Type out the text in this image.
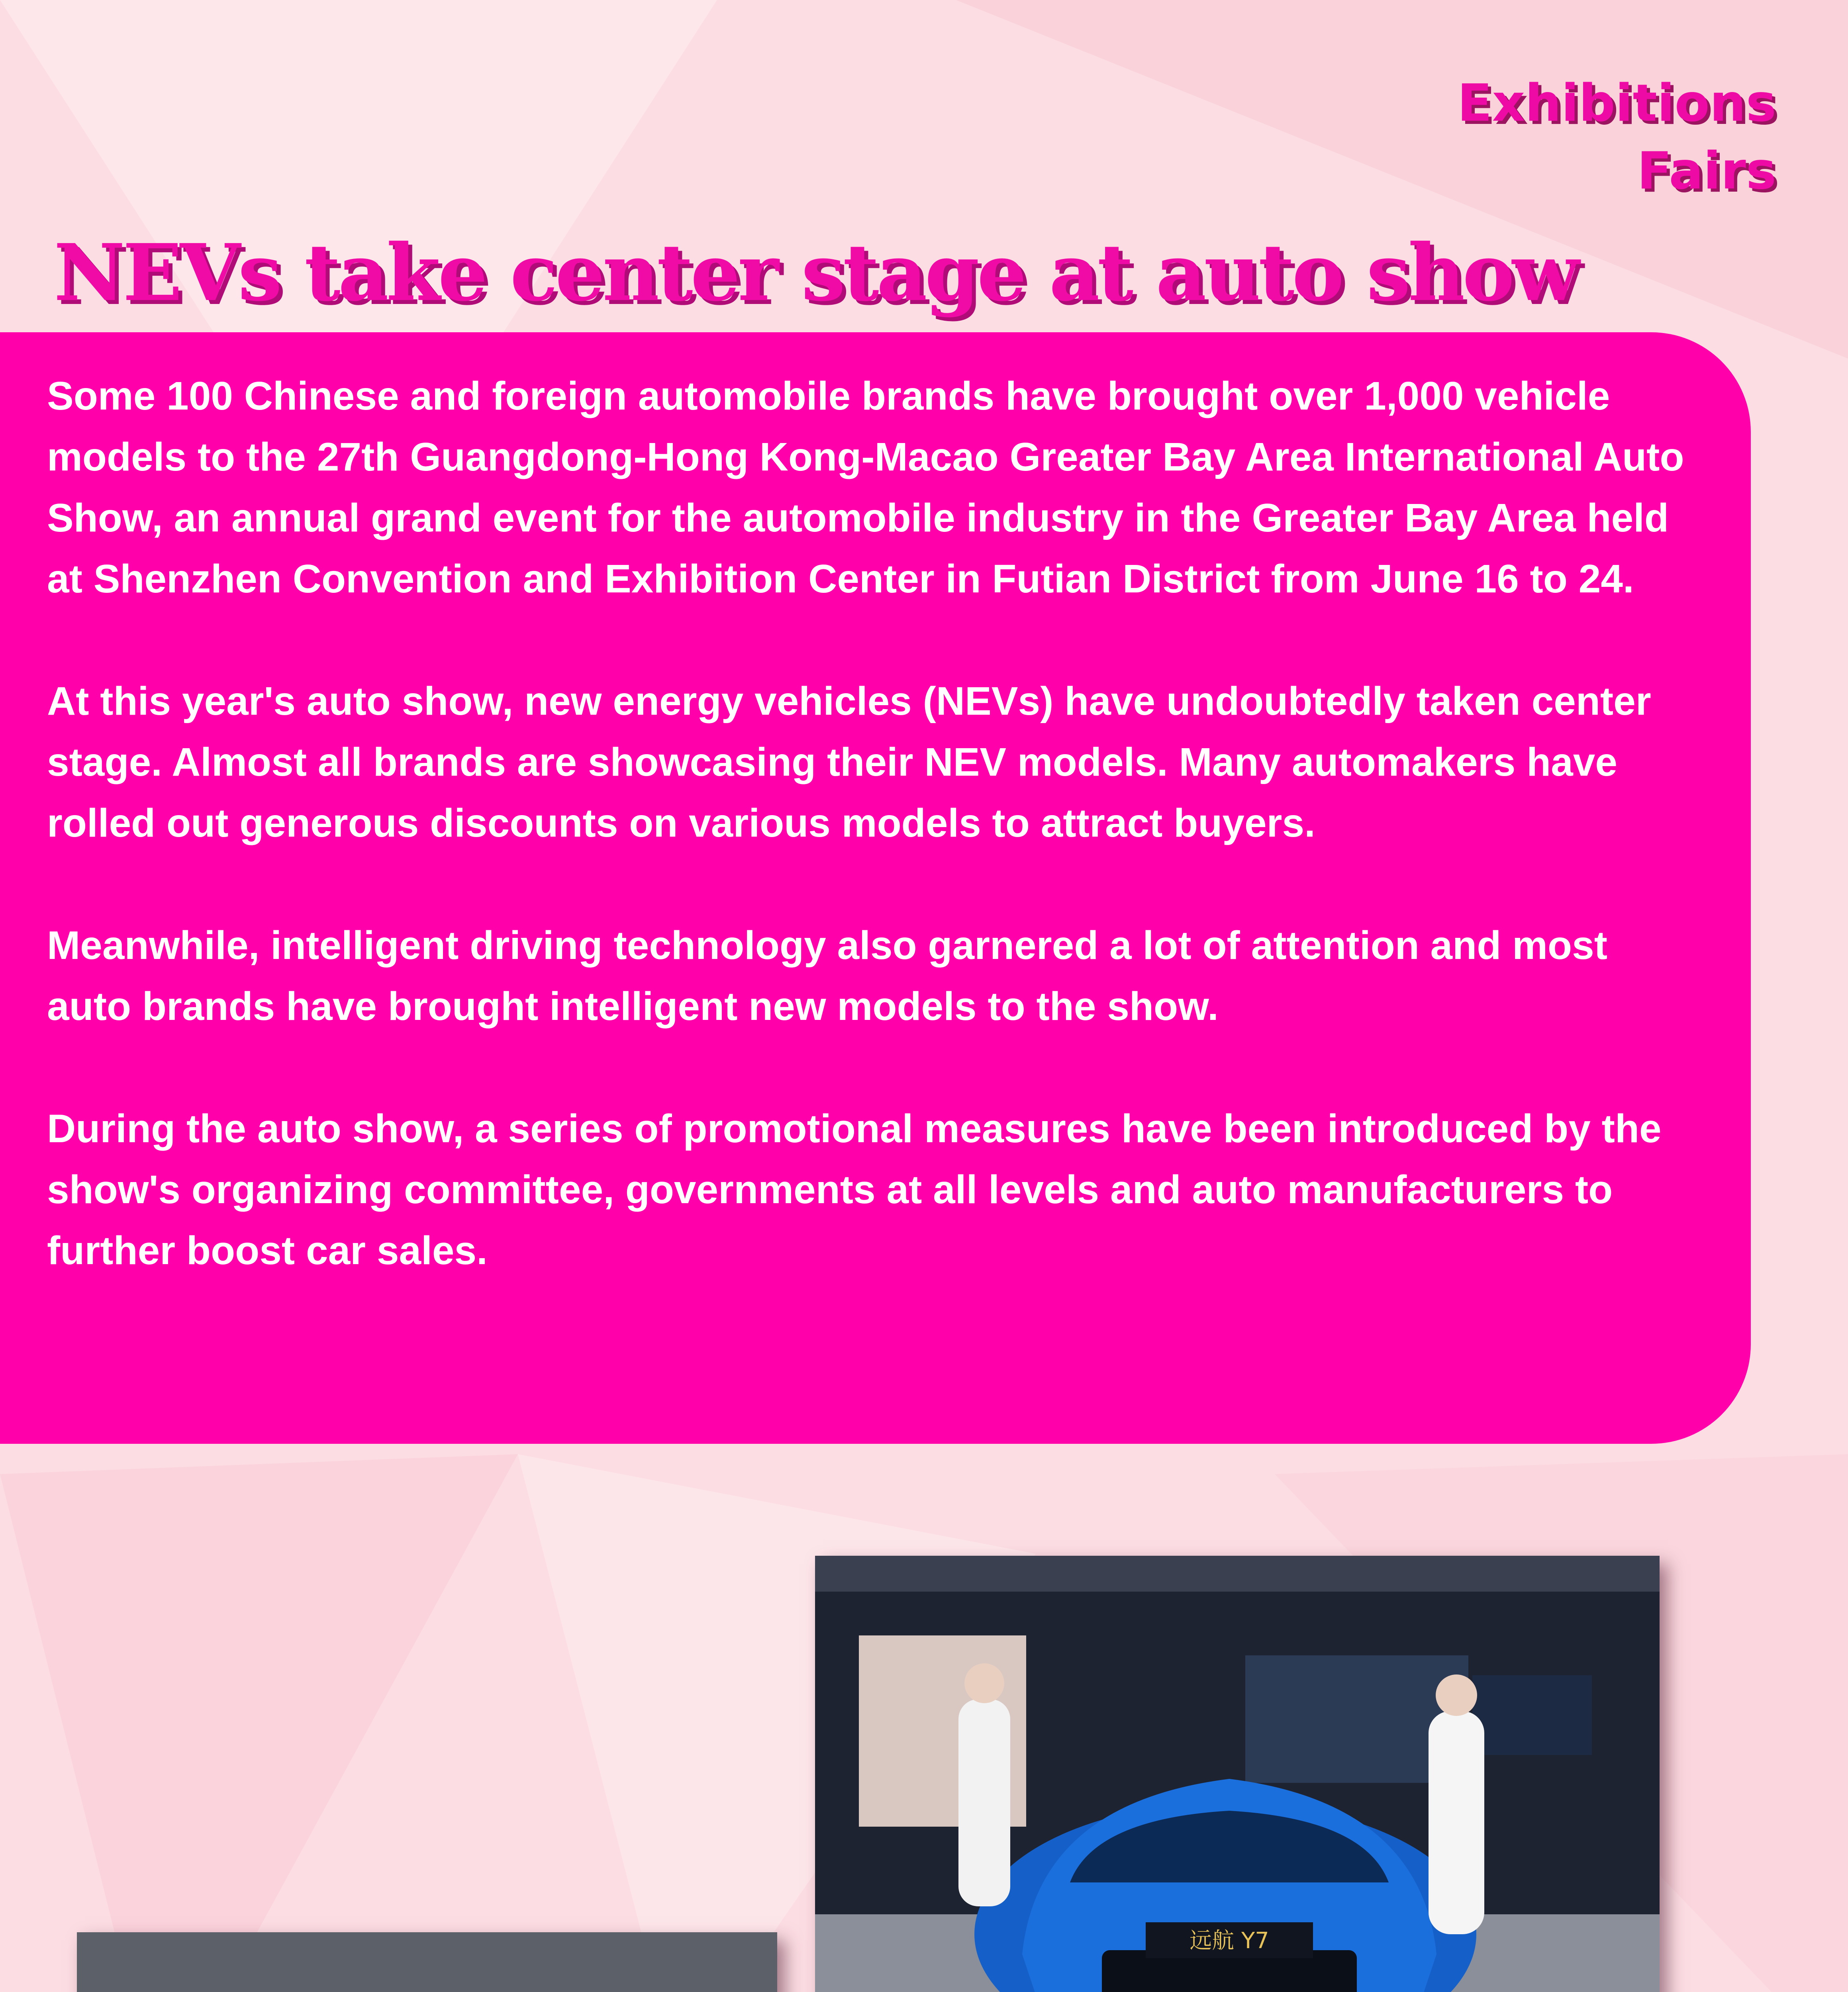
Exhibitions
Fairs
NEVs take center stage at auto show

Some 100 Chinese and foreign automobile brands have brought over 1,000 vehicle models to the 27th Guangdong-Hong Kong-Macao Greater Bay Area International Auto Show, an annual grand event for the automobile industry in the Greater Bay Area held at Shenzhen Convention and Exhibition Center in Futian District from June 16 to 24.

At this year's auto show, new energy vehicles (NEVs) have undoubtedly taken center stage. Almost all brands are showcasing their NEV models. Many automakers have rolled out generous discounts on various models to attract buyers.

Meanwhile, intelligent driving technology also garnered a lot of attention and most auto brands have brought intelligent new models to the show.

During the auto show, a series of promotional measures have been introduced by the show's organizing committee, governments at all levels and auto manufacturers to further boost car sales.

远航 Y7
